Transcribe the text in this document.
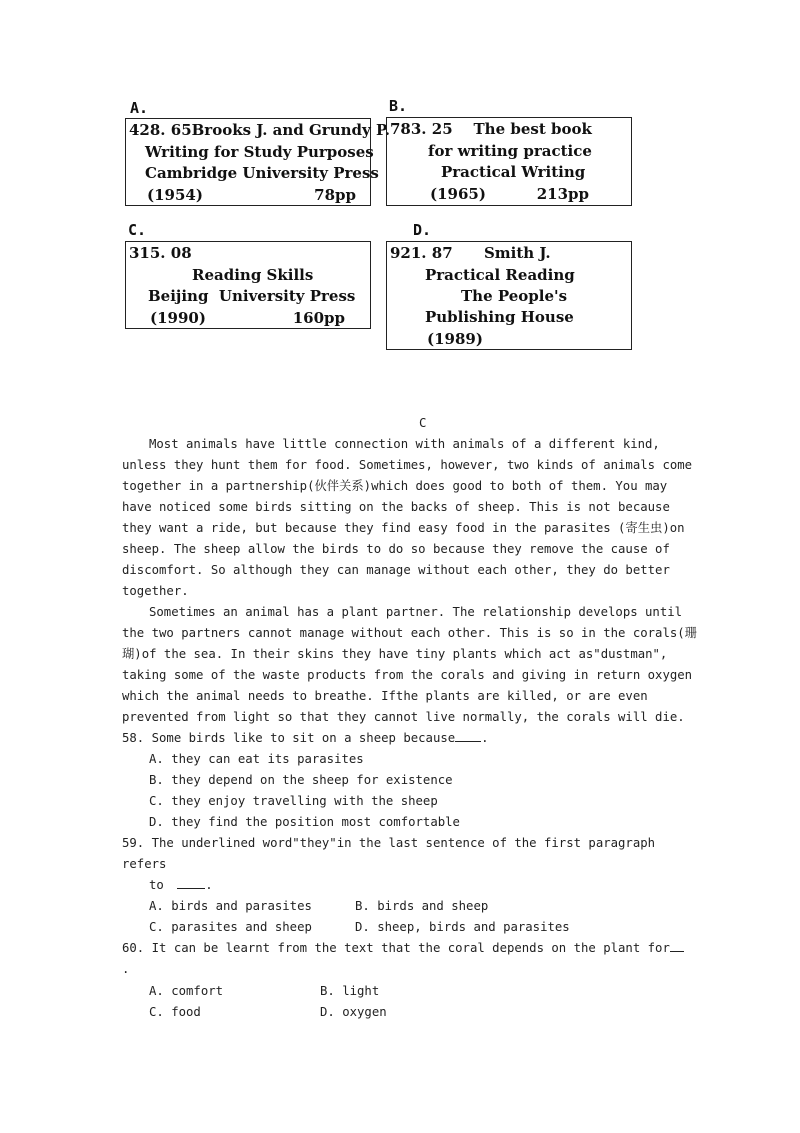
A.	B.
C.	D.
428. 65Brooks J. and Grundy P.
Writing for Study Purposes
Cambridge University Press
(1954)	78pp
783. 25    The best book
for writing practice
Practical Writing
(1965)	213pp
315. 08
Reading Skills
Beijing  University Press
(1990)	160pp
921. 87      Smith J.
Practical Reading
The People's
Publishing House
(1989)
C
Most animals have little connection with animals of a different kind,
unless they hunt them for food. Sometimes, however, two kinds of animals come
together in a partnership(伙伴关系)which does good to both of them. You may
have noticed some birds sitting on the backs of sheep. This is not because
they want a ride, but because they find easy food in the parasites (寄生虫)on
sheep. The sheep allow the birds to do so because they remove the cause of
discomfort. So although they can manage without each other, they do better
together.
Sometimes an animal has a plant partner. The relationship develops until
the two partners cannot manage without each other. This is so in the corals(珊
瑚)of the sea. In their skins they have tiny plants which act as"dustman",
taking some of the waste products from the corals and giving in return oxygen
which the animal needs to breathe. Ifthe plants are killed, or are even
prevented from light so that they cannot live normally, the corals will die.
58. Some birds like to sit on a sheep because .
A. they can eat its parasites
B. they depend on the sheep for existence
C. they enjoy travelling with the sheep
D. they find the position most comfortable
59. The underlined word"they"in the last sentence of the first paragraph
refers
to	.
A. birds and parasites	B. birds and sheep
C. parasites and sheep	D. sheep, birds and parasites
60. It can be learnt from the text that the coral depends on the plant for
.
A. comfort	B. light
C. food	D. oxygen
